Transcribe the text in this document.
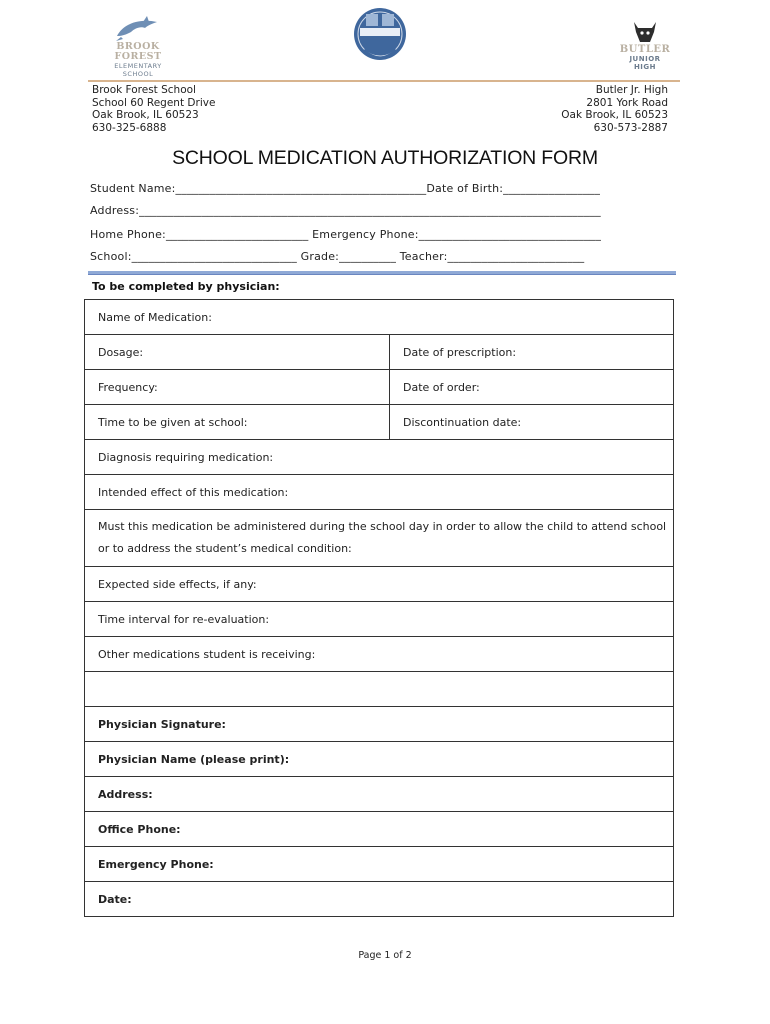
BROOK FOREST
ELEMENTARY
SCHOOL
BUTLER
JUNIOR
HIGH
Brook Forest School
School 60 Regent Drive
Oak Brook, IL 60523
630-325-6888
Butler Jr. High
2801 York Road
Oak Brook, IL 60523
630-573-2887
SCHOOL MEDICATION AUTHORIZATION FORM
Student Name:____________________________________________Date of Birth:_________________
Address:_________________________________________________________________________________
Home Phone:_________________________ Emergency Phone:________________________________
School:_____________________________ Grade:__________ Teacher:________________________
To be completed by physician:
Name of Medication:	
Dosage:	Date of prescription:
Frequency:	Date of order:
Time to be given at school:	Discontinuation date:
Diagnosis requiring medication:	
Intended effect of this medication:	

Must this medication be administered during the school day in order to allow the child to attend school
or to address the student’s medical condition:	

Expected side effects, if any:	
Time interval for re-evaluation:	
Other medications student is receiving:	

Physician Signature:	
Physician Name (please print):	
Address:	
Office Phone:	
Emergency Phone:	
Date:	
Page 1 of 2
